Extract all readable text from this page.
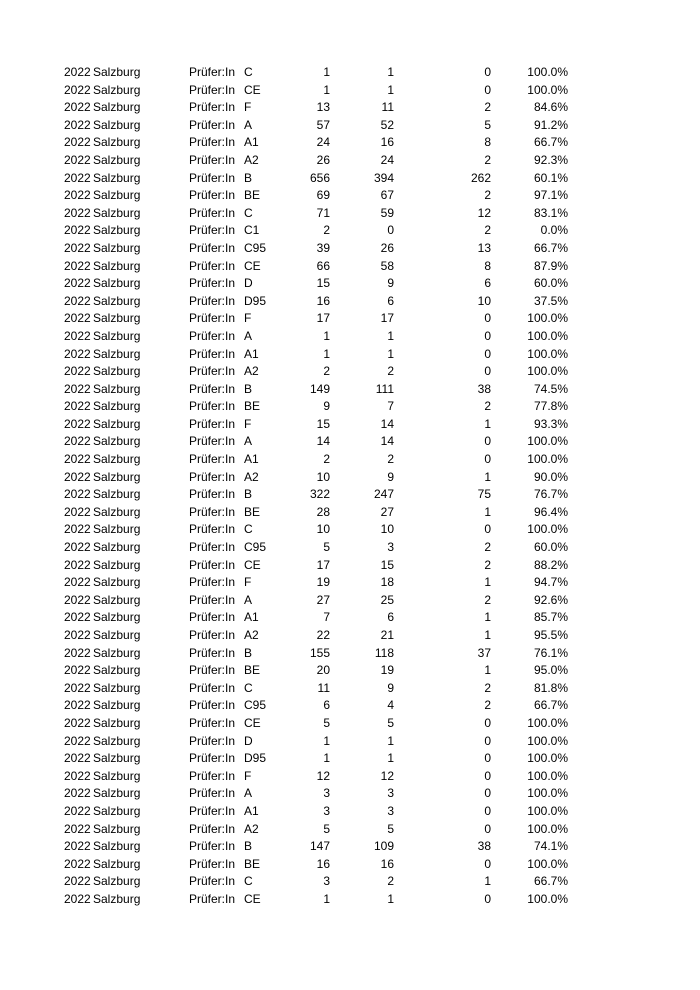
2022 Salzburg	Prüfer:In C	1	1	0	100.0%
2022 Salzburg	Prüfer:In CE	1	1	0	100.0%
2022 Salzburg	Prüfer:In F	13	11	2	84.6%
2022 Salzburg	Prüfer:In A	57	52	5	91.2%
2022 Salzburg	Prüfer:In A1	24	16	8	66.7%
2022 Salzburg	Prüfer:In A2	26	24	2	92.3%
2022 Salzburg	Prüfer:In B	656	394	262	60.1%
2022 Salzburg	Prüfer:In BE	69	67	2	97.1%
2022 Salzburg	Prüfer:In C	71	59	12	83.1%
2022 Salzburg	Prüfer:In C1	2	0	2	0.0%
2022 Salzburg	Prüfer:In C95	39	26	13	66.7%
2022 Salzburg	Prüfer:In CE	66	58	8	87.9%
2022 Salzburg	Prüfer:In D	15	9	6	60.0%
2022 Salzburg	Prüfer:In D95	16	6	10	37.5%
2022 Salzburg	Prüfer:In F	17	17	0	100.0%
2022 Salzburg	Prüfer:In A	1	1	0	100.0%
2022 Salzburg	Prüfer:In A1	1	1	0	100.0%
2022 Salzburg	Prüfer:In A2	2	2	0	100.0%
2022 Salzburg	Prüfer:In B	149	111	38	74.5%
2022 Salzburg	Prüfer:In BE	9	7	2	77.8%
2022 Salzburg	Prüfer:In F	15	14	1	93.3%
2022 Salzburg	Prüfer:In A	14	14	0	100.0%
2022 Salzburg	Prüfer:In A1	2	2	0	100.0%
2022 Salzburg	Prüfer:In A2	10	9	1	90.0%
2022 Salzburg	Prüfer:In B	322	247	75	76.7%
2022 Salzburg	Prüfer:In BE	28	27	1	96.4%
2022 Salzburg	Prüfer:In C	10	10	0	100.0%
2022 Salzburg	Prüfer:In C95	5	3	2	60.0%
2022 Salzburg	Prüfer:In CE	17	15	2	88.2%
2022 Salzburg	Prüfer:In F	19	18	1	94.7%
2022 Salzburg	Prüfer:In A	27	25	2	92.6%
2022 Salzburg	Prüfer:In A1	7	6	1	85.7%
2022 Salzburg	Prüfer:In A2	22	21	1	95.5%
2022 Salzburg	Prüfer:In B	155	118	37	76.1%
2022 Salzburg	Prüfer:In BE	20	19	1	95.0%
2022 Salzburg	Prüfer:In C	11	9	2	81.8%
2022 Salzburg	Prüfer:In C95	6	4	2	66.7%
2022 Salzburg	Prüfer:In CE	5	5	0	100.0%
2022 Salzburg	Prüfer:In D	1	1	0	100.0%
2022 Salzburg	Prüfer:In D95	1	1	0	100.0%
2022 Salzburg	Prüfer:In F	12	12	0	100.0%
2022 Salzburg	Prüfer:In A	3	3	0	100.0%
2022 Salzburg	Prüfer:In A1	3	3	0	100.0%
2022 Salzburg	Prüfer:In A2	5	5	0	100.0%
2022 Salzburg	Prüfer:In B	147	109	38	74.1%
2022 Salzburg	Prüfer:In BE	16	16	0	100.0%
2022 Salzburg	Prüfer:In C	3	2	1	66.7%
2022 Salzburg	Prüfer:In CE	1	1	0	100.0%
